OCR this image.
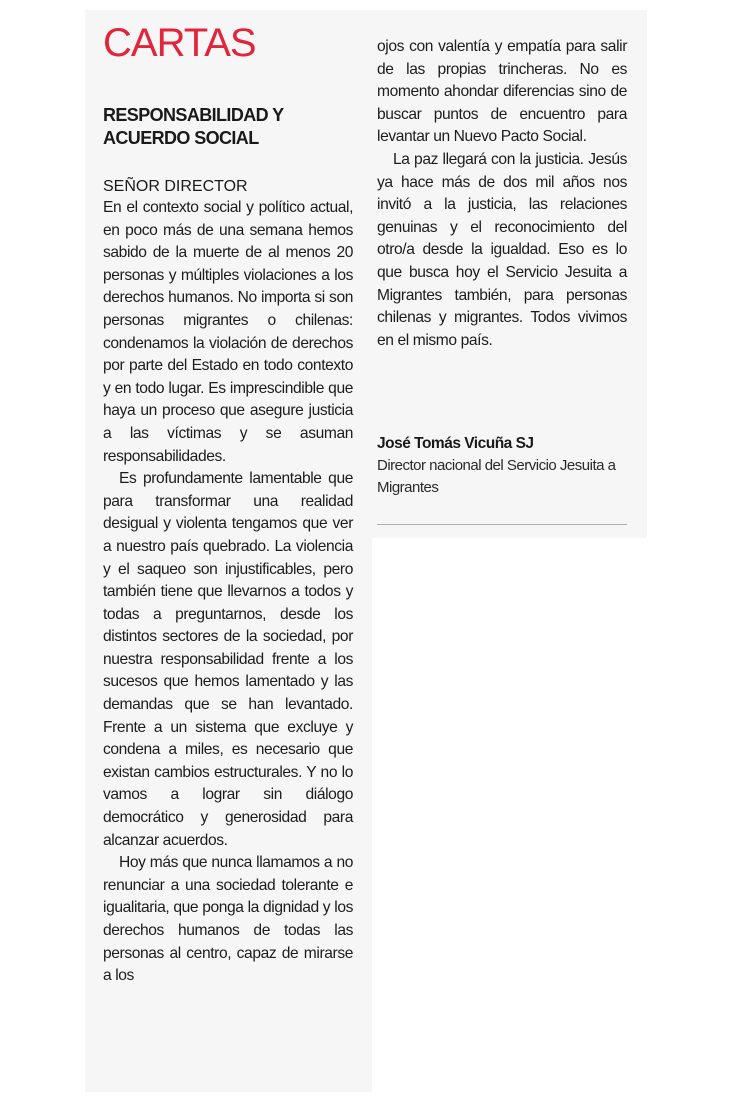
CARTAS
RESPONSABILIDAD Y ACUERDO SOCIAL
SEÑOR DIRECTOR

En el contexto social y político actual, en poco más de una semana hemos sabido de la muerte de al menos 20 personas y múltiples violaciones a los derechos humanos. No importa si son personas migrantes o chilenas: condenamos la violación de derechos por parte del Estado en todo contexto y en todo lugar. Es imprescindible que haya un proceso que asegure justicia a las víctimas y se asuman responsabilidades.

Es profundamente lamentable que para transformar una realidad desigual y violenta tengamos que ver a nuestro país quebrado. La violencia y el saqueo son injustificables, pero también tiene que llevarnos a todos y todas a preguntarnos, desde los distintos sectores de la sociedad, por nuestra responsabilidad frente a los sucesos que hemos lamentado y las demandas que se han levantado. Frente a un sistema que excluye y condena a miles, es necesario que existan cambios estructurales. Y no lo vamos a lograr sin diálogo democrático y generosidad para alcanzar acuerdos.

Hoy más que nunca llamamos a no renunciar a una sociedad tolerante e igualitaria, que ponga la dignidad y los derechos humanos de todas las personas al centro, capaz de mirarse a los

ojos con valentía y empatía para salir de las propias trincheras. No es momento ahondar diferencias sino de buscar puntos de encuentro para levantar un Nuevo Pacto Social.

La paz llegará con la justicia. Jesús ya hace más de dos mil años nos invitó a la justicia, las relaciones genuinas y el reconocimiento del otro/a desde la igualdad. Eso es lo que busca hoy el Servicio Jesuita a Migrantes también, para personas chilenas y migrantes. Todos vivimos en el mismo país.

José Tomás Vicuña SJ

Director nacional del Servicio Jesuita a Migrantes
